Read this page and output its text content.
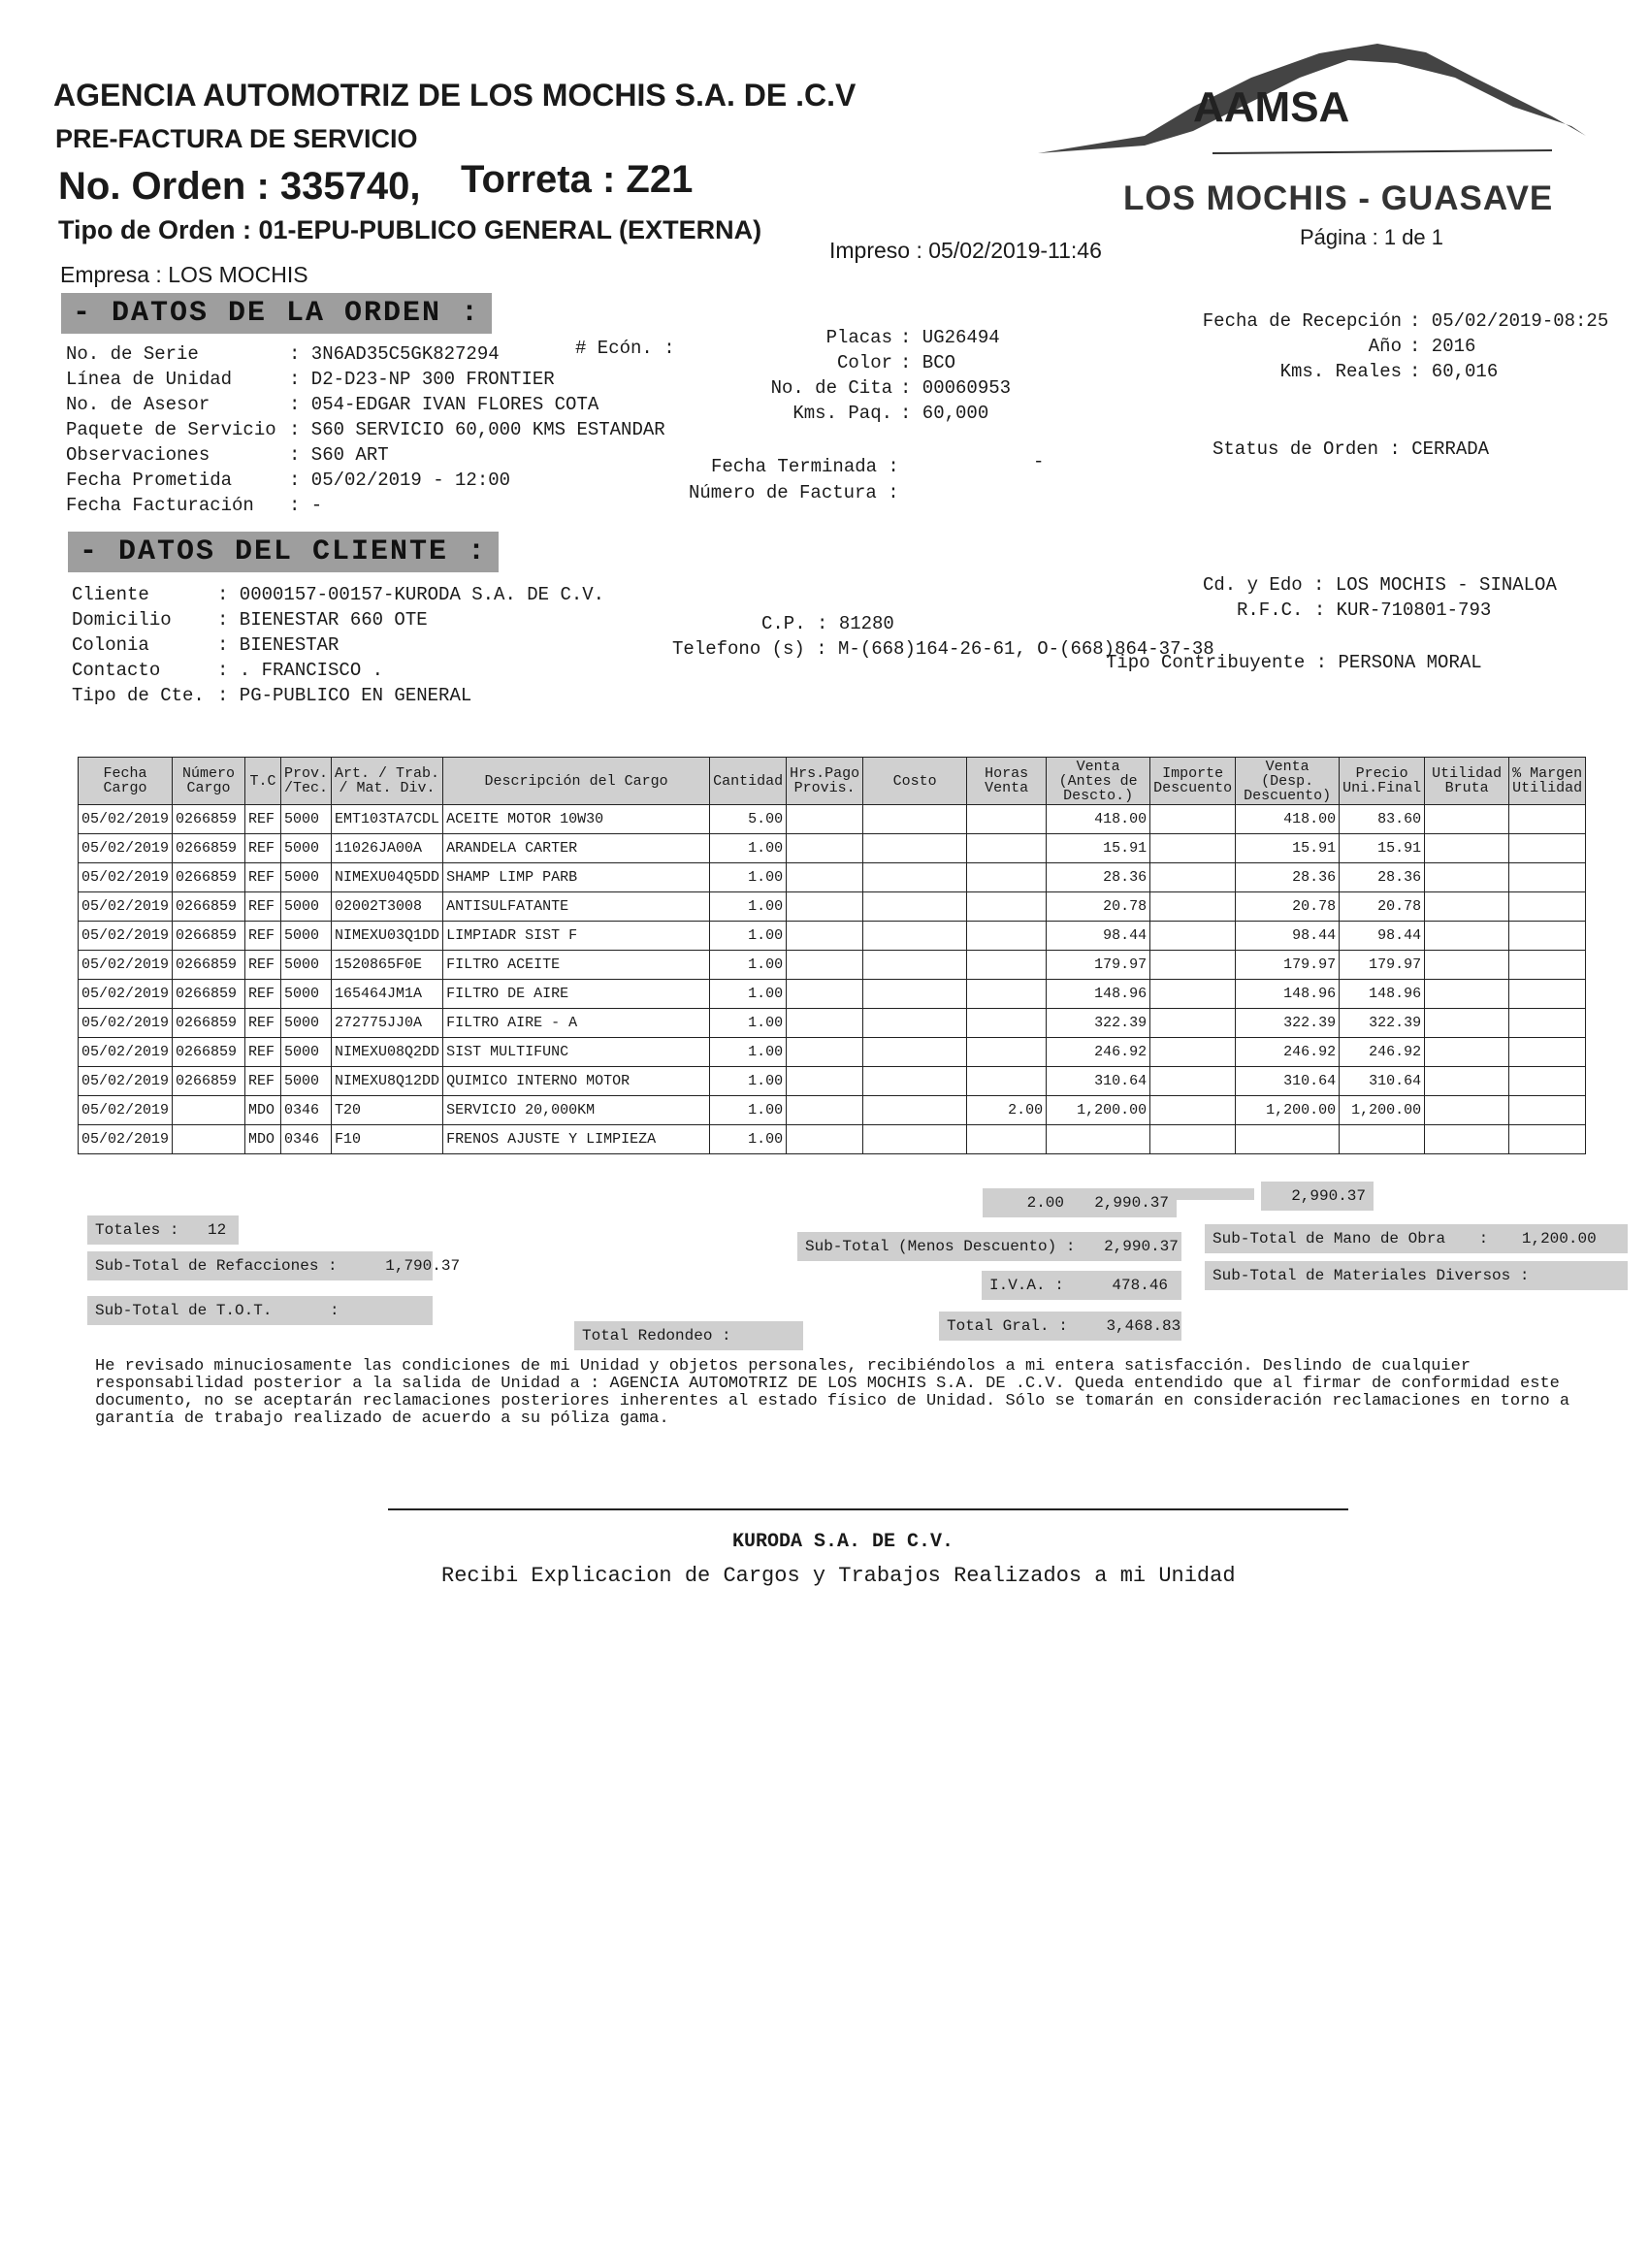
AGENCIA AUTOMOTRIZ DE LOS MOCHIS S.A. DE .C.V
PRE-FACTURA DE SERVICIO
No. Orden : 335740, Torreta : Z21
Tipo de Orden : 01-EPU-PUBLICO GENERAL (EXTERNA)
Empresa : LOS MOCHIS
Impreso : 05/02/2019-11:46
Página : 1 de 1
AAMSA
LOS MOCHIS - GUASAVE
- DATOS DE LA ORDEN :
No. de Serie	: 3N6AD35C5GK827294
Línea de Unidad	: D2-D23-NP 300 FRONTIER
No. de Asesor	: 054-EDGAR IVAN FLORES COTA
Paquete de Servicio : S60 SERVICIO 60,000 KMS ESTANDAR
Observaciones	: S60 ART
Fecha Prometida	: 05/02/2019 - 12:00
Fecha Facturación	: -
# Ecón. :	Placas : UG26494
Color : BCO
No. de Cita : 00060953
Kms. Paq. : 60,000
Fecha Terminada :	-
Número de Factura :
Fecha de Recepción : 05/02/2019-08:25
Año : 2016
Kms. Reales : 60,016
Status de Orden : CERRADA
- DATOS DEL CLIENTE :
Cliente	: 0000157-00157-KURODA S.A. DE C.V.
Domicilio	: BIENESTAR 660 OTE
Colonia	: BIENESTAR
Contacto	: . FRANCISCO .
Tipo de Cte. : PG-PUBLICO EN GENERAL
C.P. : 81280
Telefono (s) : M-(668)164-26-61, O-(668)864-37-38
Cd. y Edo : LOS MOCHIS - SINALOA
R.F.C. : KUR-710801-793
Tipo Contribuyente : PERSONA MORAL
Fecha Cargo	Número Cargo	T.C	Prov. /Tec.	Art. / Trab. / Mat. Div.	Descripción del Cargo	Cantidad	Hrs.Pago Provis.	Costo	Horas Venta	Venta (Antes de Descto.)	Importe Descuento	Venta (Desp. Descuento)	Precio Uni.Final	Utilidad Bruta	% Margen Utilidad
05/02/2019	0266859	REF	5000	EMT103TA7CDL	ACEITE MOTOR 10W30	5.00				418.00		418.00	83.60		
05/02/2019	0266859	REF	5000	11026JA00A	ARANDELA CARTER	1.00				15.91		15.91	15.91		
05/02/2019	0266859	REF	5000	NIMEXU04Q5DD	SHAMP LIMP PARB	1.00				28.36		28.36	28.36		
05/02/2019	0266859	REF	5000	02002T3008	ANTISULFATANTE	1.00				20.78		20.78	20.78		
05/02/2019	0266859	REF	5000	NIMEXU03Q1DD	LIMPIADR SIST F	1.00				98.44		98.44	98.44		
05/02/2019	0266859	REF	5000	1520865F0E	FILTRO ACEITE	1.00				179.97		179.97	179.97		
05/02/2019	0266859	REF	5000	165464JM1A	FILTRO DE AIRE	1.00				148.96		148.96	148.96		
05/02/2019	0266859	REF	5000	272775JJ0A	FILTRO AIRE - A	1.00				322.39		322.39	322.39		
05/02/2019	0266859	REF	5000	NIMEXU08Q2DD	SIST MULTIFUNC	1.00				246.92		246.92	246.92		
05/02/2019	0266859	REF	5000	NIMEXU8Q12DD	QUIMICO INTERNO MOTOR	1.00				310.64		310.64	310.64		
05/02/2019		MDO	0346	T20	SERVICIO 20,000KM	1.00			2.00	1,200.00		1,200.00	1,200.00		
05/02/2019		MDO	0346	F10	FRENOS AJUSTE Y LIMPIEZA	1.00									
Totales : 12
2.00	2,990.37	2,990.37
Sub-Total de Refacciones :	1,790.37
Sub-Total de T.O.T.	:
Total Redondeo :
Sub-Total (Menos Descuento) : 2,990.37
I.V.A. :	478.46
Total Gral. : 3,468.83
Sub-Total de Mano de Obra : 1,200.00
Sub-Total de Materiales Diversos :
He revisado minuciosamente las condiciones de mi Unidad y objetos personales, recibiéndolos a mi entera satisfacción. Deslindo de cualquier responsabilidad posterior a la salida de Unidad a : AGENCIA AUTOMOTRIZ DE LOS MOCHIS S.A. DE .C.V. Queda entendido que al firmar de conformidad este documento, no se aceptarán reclamaciones posteriores inherentes al estado físico de Unidad. Sólo se tomarán en consideración reclamaciones en torno a garantía de trabajo realizado de acuerdo a su póliza gama.
KURODA S.A. DE C.V.
Recibi Explicacion de Cargos y Trabajos Realizados a mi Unidad
